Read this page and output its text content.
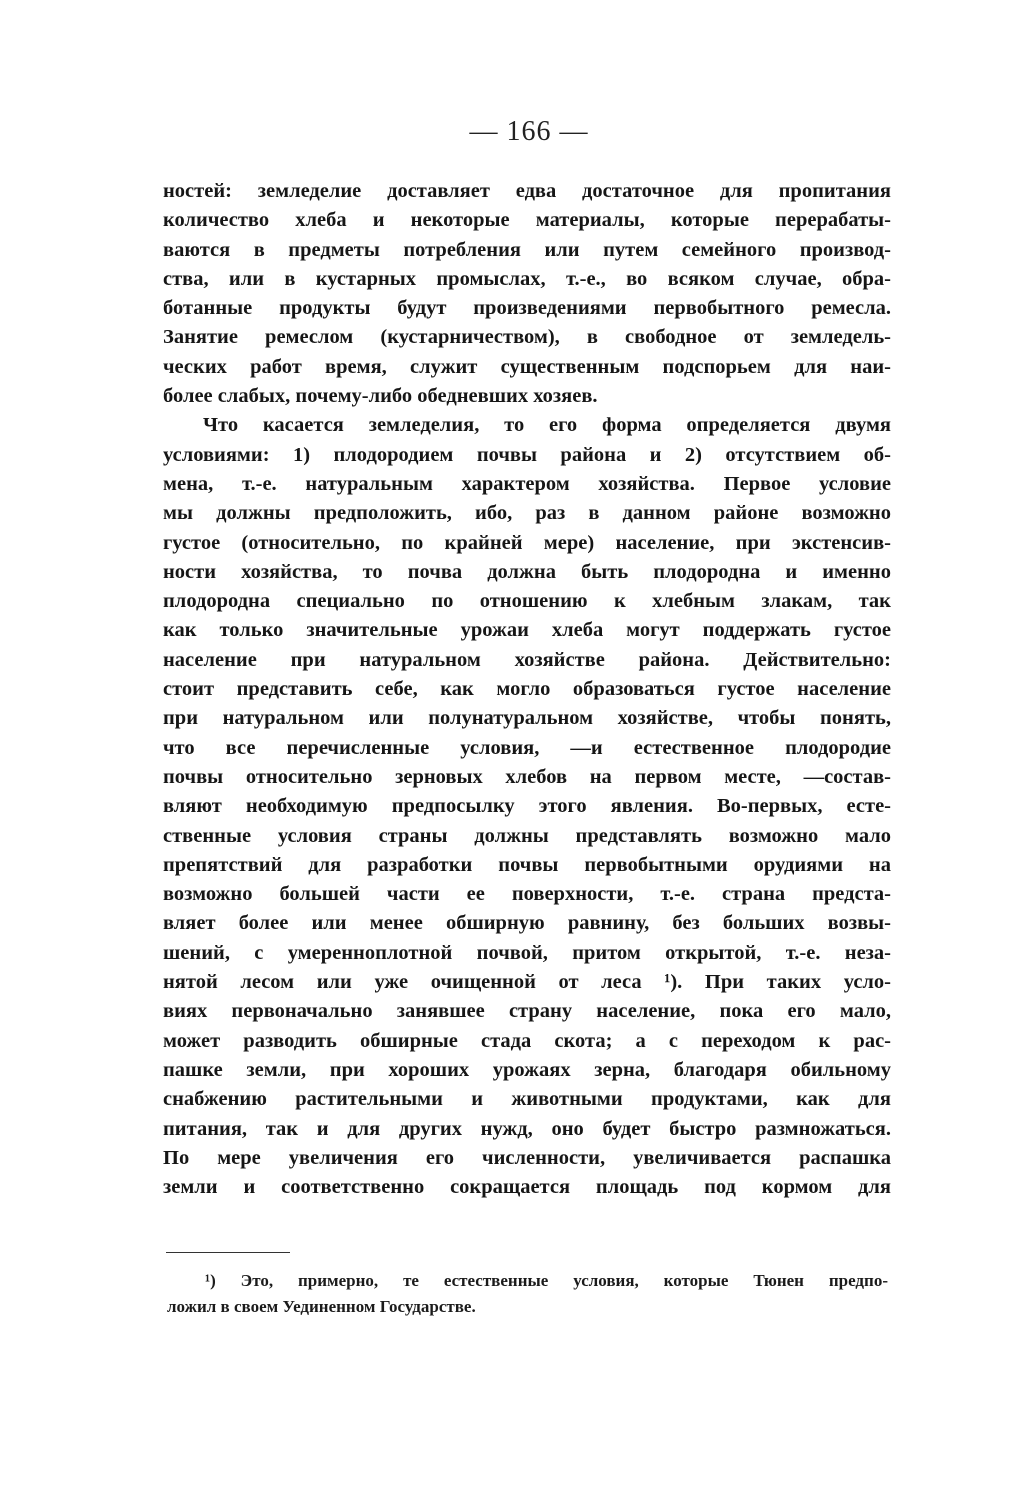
— 166 —
ностей: земледелие доставляет едва достаточное для пропитания
количество хлеба и некоторые материалы, которые перерабаты-
ваются в предметы потребления или путем семейного производ-
ства, или в кустарных промыслах, т.-е., во всяком случае, обра-
ботанные продукты будут произведениями первобытного ремесла.
Занятие ремеслом (кустарничеством), в свободное от земледель-
ческих работ время, служит существенным подспорьем для наи-
более слабых, почему-либо обедневших хозяев.
Что касается земледелия, то его форма определяется двумя
условиями: 1) плодородием почвы района и 2) отсутствием об-
мена, т.-е. натуральным характером хозяйства. Первое условие
мы должны предположить, ибо, раз в данном районе возможно
густое (относительно, по крайней мере) население, при экстенсив-
ности хозяйства, то почва должна быть плодородна и именно
плодородна специально по отношению к хлебным злакам, так
как только значительные урожаи хлеба могут поддержать густое
население при натуральном хозяйстве района. Действительно:
стоит представить себе, как могло образоваться густое население
при натуральном или полунатуральном хозяйстве, чтобы понять,
что все перечисленные условия, —и естественное плодородие
почвы относительно зерновых хлебов на первом месте, —состав-
вляют необходимую предпосылку этого явления. Во-первых, есте-
ственные условия страны должны представлять возможно мало
препятствий для разработки почвы первобытными орудиями на
возможно большей части ее поверхности, т.-е. страна предста-
вляет более или менее обширную равнину, без больших возвы-
шений, с умеренноплотной почвой, притом открытой, т.-е. неза-
нятой лесом или уже очищенной от леса ¹). При таких усло-
виях первоначально занявшее страну население, пока его мало,
может разводить обширные стада скота; а с переходом к рас-
пашке земли, при хороших урожаях зерна, благодаря обильному
снабжению растительными и животными продуктами, как для
питания, так и для других нужд, оно будет быстро размножаться.
По мере увеличения его численности, увеличивается распашка
земли и соответственно сокращается площадь под кормом для
¹) Это, примерно, те естественные условия, которые Тюнен предпо-
ложил в своем Уединенном Государстве.
